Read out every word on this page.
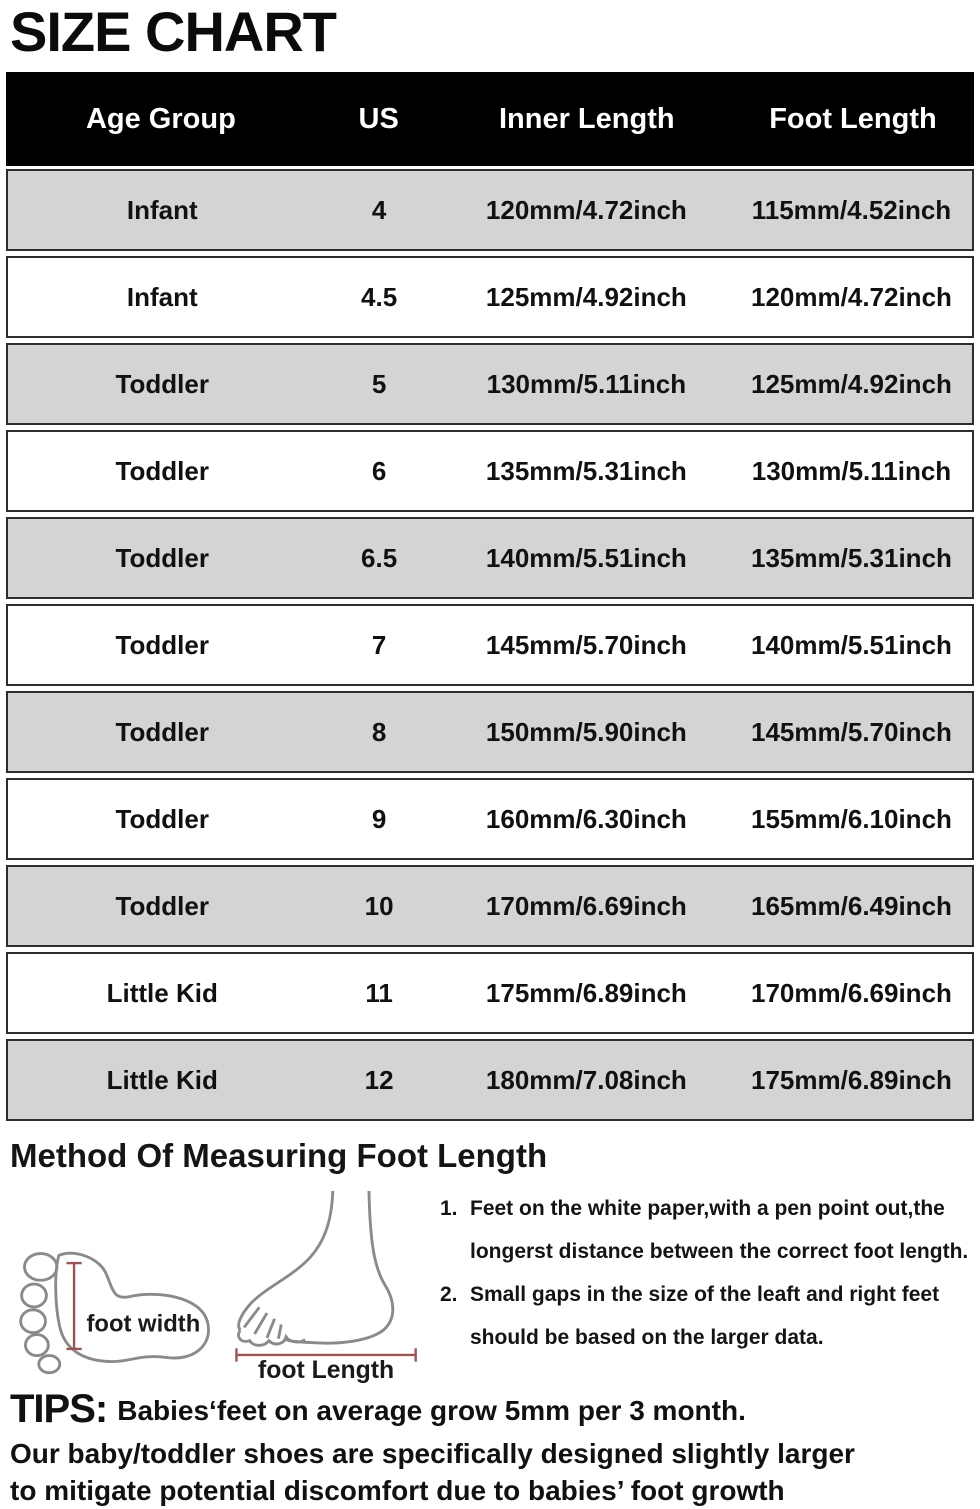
SIZE CHART
Age Group	US	Inner Length	Foot Length
Infant	4	120mm/4.72inch	115mm/4.52inch
Infant	4.5	125mm/4.92inch	120mm/4.72inch
Toddler	5	130mm/5.11inch	125mm/4.92inch
Toddler	6	135mm/5.31inch	130mm/5.11inch
Toddler	6.5	140mm/5.51inch	135mm/5.31inch
Toddler	7	145mm/5.70inch	140mm/5.51inch
Toddler	8	150mm/5.90inch	145mm/5.70inch
Toddler	9	160mm/6.30inch	155mm/6.10inch
Toddler	10	170mm/6.69inch	165mm/6.49inch
Little Kid	11	175mm/6.89inch	170mm/6.69inch
Little Kid	12	180mm/7.08inch	175mm/6.89inch
Method Of Measuring Foot Length
foot width
foot Length
1. Feet on the white paper,with a pen point out,the
longerst distance between the correct foot length.
2. Small gaps in the size of the leaft and right feet
should be based on the larger data.
TIPS: Babies‘feet on average grow 5mm per 3 month.
Our baby/toddler shoes are specifically designed slightly larger
to mitigate potential discomfort due to babies’ foot growth
